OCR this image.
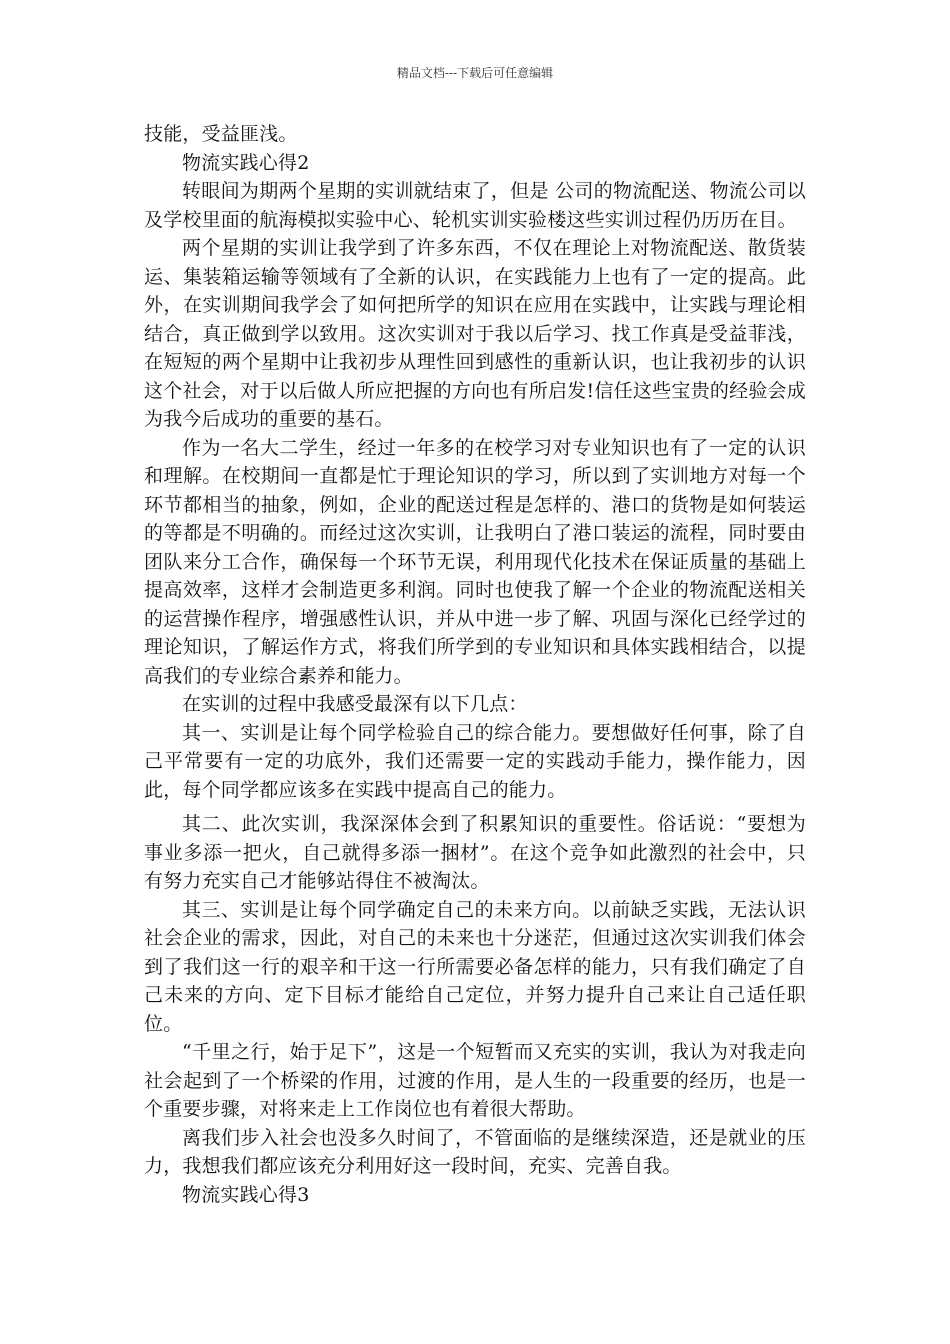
精品文档---下载后可任意编辑

技能，受益匪浅。

物流实践心得2

转眼间为期两个星期的实训就结束了，但是 公司的物流配送、物流公司以及学校里面的航海模拟实验中心、轮机实训实验楼这些实训过程仍历历在目。

两个星期的实训让我学到了许多东西，不仅在理论上对物流配送、散货装运、集装箱运输等领域有了全新的认识，在实践能力上也有了一定的提高。此外，在实训期间我学会了如何把所学的知识在应用在实践中，让实践与理论相结合，真正做到学以致用。这次实训对于我以后学习、找工作真是受益菲浅，在短短的两个星期中让我初步从理性回到感性的重新认识，也让我初步的认识这个社会，对于以后做人所应把握的方向也有所启发!信任这些宝贵的经验会成为我今后成功的重要的基石。

作为一名大二学生，经过一年多的在校学习对专业知识也有了一定的认识和理解。在校期间一直都是忙于理论知识的学习，所以到了实训地方对每一个环节都相当的抽象，例如，企业的配送过程是怎样的、港口的货物是如何装运的等都是不明确的。而经过这次实训，让我明白了港口装运的流程，同时要由团队来分工合作，确保每一个环节无误，利用现代化技术在保证质量的基础上提高效率，这样才会制造更多利润。同时也使我了解一个企业的物流配送相关的运营操作程序，增强感性认识，并从中进一步了解、巩固与深化已经学过的理论知识，了解运作方式，将我们所学到的专业知识和具体实践相结合，以提高我们的专业综合素养和能力。

在实训的过程中我感受最深有以下几点：

其一、实训是让每个同学检验自己的综合能力。要想做好任何事，除了自己平常要有一定的功底外，我们还需要一定的实践动手能力，操作能力，因此，每个同学都应该多在实践中提高自己的能力。

其二、此次实训，我深深体会到了积累知识的重要性。俗话说：“要想为事业多添一把火，自己就得多添一捆材”。在这个竞争如此激烈的社会中，只有努力充实自己才能够站得住不被淘汰。

其三、实训是让每个同学确定自己的未来方向。以前缺乏实践，无法认识社会企业的需求，因此，对自己的未来也十分迷茫，但通过这次实训我们体会到了我们这一行的艰辛和干这一行所需要必备怎样的能力，只有我们确定了自己未来的方向、定下目标才能给自己定位，并努力提升自己来让自己适任职位。

“千里之行，始于足下”，这是一个短暂而又充实的实训，我认为对我走向社会起到了一个桥梁的作用，过渡的作用，是人生的一段重要的经历，也是一个重要步骤，对将来走上工作岗位也有着很大帮助。

离我们步入社会也没多久时间了，不管面临的是继续深造，还是就业的压力，我想我们都应该充分利用好这一段时间，充实、完善自我。

物流实践心得3
